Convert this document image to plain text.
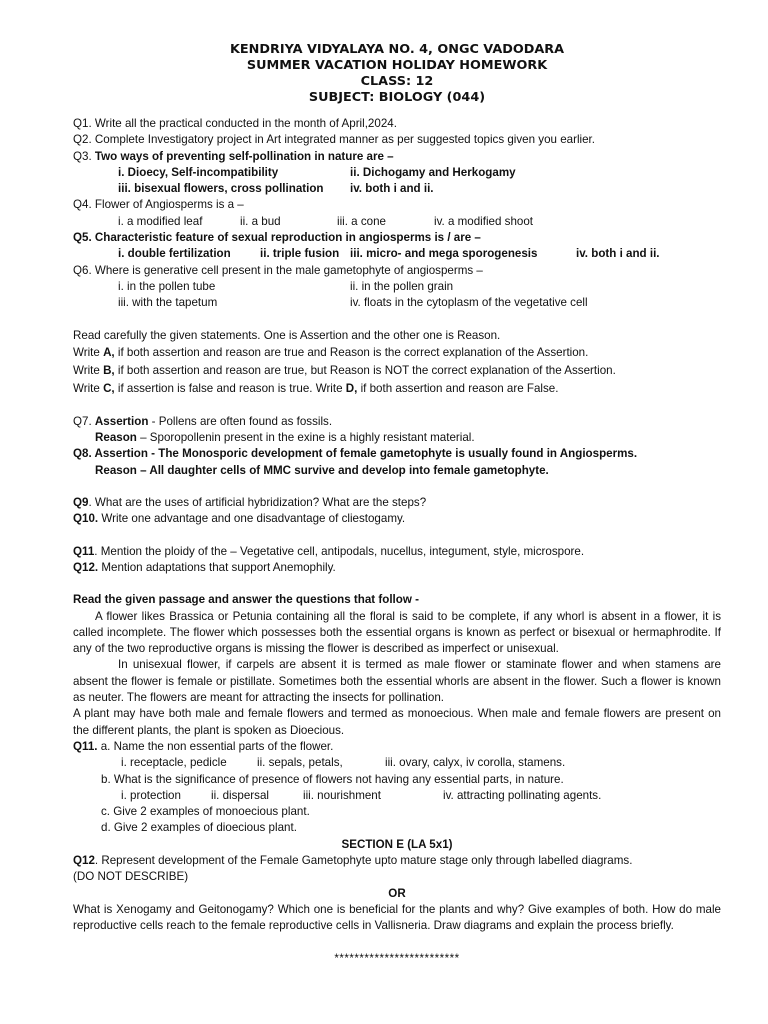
KENDRIYA VIDYALAYA NO. 4, ONGC VADODARA
SUMMER VACATION HOLIDAY HOMEWORK
CLASS: 12
SUBJECT: BIOLOGY (044)
Q1. Write all the practical conducted in the month of April,2024.
Q2. Complete Investigatory project in Art integrated manner as per suggested topics given you earlier.
Q3. Two ways of preventing self-pollination in nature are –
i. Dioecy, Self-incompatibility	ii. Dichogamy and Herkogamy
iii. bisexual flowers, cross pollination	iv. both i and ii.
Q4. Flower of Angiosperms is a –
i. a modified leaf	ii. a bud	iii. a cone	iv. a modified shoot
Q5. Characteristic feature of sexual reproduction in angiosperms is / are –
i. double fertilization	ii. triple fusion iii. micro- and mega sporogenesis	iv. both i and ii.
Q6. Where is generative cell present in the male gametophyte of angiosperms –
i. in the pollen tube	ii. in the pollen grain
iii. with the tapetum	iv. floats in the cytoplasm of the vegetative cell
Read carefully the given statements. One is Assertion and the other one is Reason.
Write A, if both assertion and reason are true and Reason is the correct explanation of the Assertion.
Write B, if both assertion and reason are true, but Reason is NOT the correct explanation of the Assertion.
Write C, if assertion is false and reason is true. Write D, if both assertion and reason are False.
Q7. Assertion - Pollens are often found as fossils.
Reason – Sporopollenin present in the exine is a highly resistant material.
Q8. Assertion - The Monosporic development of female gametophyte is usually found in Angiosperms.
Reason – All daughter cells of MMC survive and develop into female gametophyte.
Q9. What are the uses of artificial hybridization? What are the steps?
Q10. Write one advantage and one disadvantage of cliestogamy.
Q11. Mention the ploidy of the – Vegetative cell, antipodals, nucellus, integument, style, microspore.
Q12. Mention adaptations that support Anemophily.
Read the given passage and answer the questions that follow -
A flower likes Brassica or Petunia containing all the floral is said to be complete, if any whorl is absent in a flower, it is called incomplete. The flower which possesses both the essential organs is known as perfect or bisexual or hermaphrodite. If any of the two reproductive organs is missing the flower is described as imperfect or unisexual.
In unisexual flower, if carpels are absent it is termed as male flower or staminate flower and when stamens are absent the flower is female or pistillate. Sometimes both the essential whorls are absent in the flower. Such a flower is known as neuter. The flowers are meant for attracting the insects for pollination.
A plant may have both male and female flowers and termed as monoecious. When male and female flowers are present on the different plants, the plant is spoken as Dioecious.
Q11. a. Name the non essential parts of the flower.
i. receptacle, pedicle	ii. sepals, petals,	iii. ovary, calyx, iv corolla, stamens.
b. What is the significance of presence of flowers not having any essential parts, in nature.
i. protection	ii. dispersal	iii. nourishment	iv. attracting pollinating agents.
c. Give 2 examples of monoecious plant.
d. Give 2 examples of dioecious plant.
SECTION E (LA 5x1)
Q12. Represent development of the Female Gametophyte upto mature stage only through labelled diagrams.
(DO NOT DESCRIBE)
OR
What is Xenogamy and Geitonogamy? Which one is beneficial for the plants and why? Give examples of both. How do male reproductive cells reach to the female reproductive cells in Vallisneria. Draw diagrams and explain the process briefly.
*************************
